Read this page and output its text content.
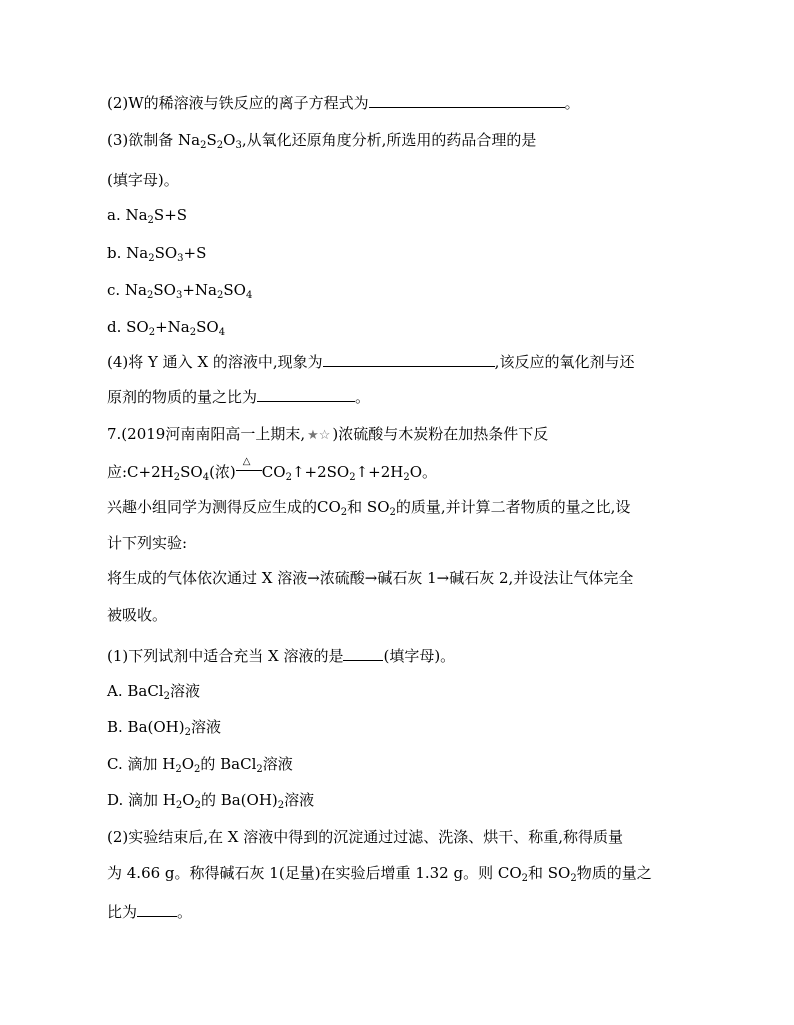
(2)W的稀溶液与铁反应的离子方程式为	。
(3)欲制备 $Na_2S_2O_3$,从氧化还原角度分析,所选用的药品合理的是
(填字母)。
a. $Na_2S+S$
b. $Na_2SO_3+S$
c. $Na_2SO_3+Na_2SO_4$
d. $SO_2+Na_2SO_4$
(4)将 Y 通入 X 的溶液中,现象为	,该反应的氧化剂与还
原剂的物质的量之比为	。
7.(2019河南南阳高一上期末, ★☆ )浓硫酸与木炭粉在加热条件下反
应$:C+2H_2SO_4$(浓)
△
$CO_2↑+2SO_2↑+2H_2O$。
兴趣小组同学为测得反应生成的$CO_2$和 $SO_2$的质量,并计算二者物质的量之比,设
计下列实验:
将生成的气体依次通过 X 溶液→浓硫酸→碱石灰 1→碱石灰 2,并设法让气体完全
被吸收。
(1)下列试剂中适合充当 X 溶液的是	(填字母)。
A. BaCl$_2$溶液
B. $Ba(OH)_2$溶液
C. 滴加 $H_2O_2$的 BaCl$_2$溶液
D. 滴加 $H_2O_2$的 $Ba(OH)_2$溶液
(2)实验结束后,在 X 溶液中得到的沉淀通过过滤、洗涤、烘干、称重,称得质量
为 4.66 g。称得碱石灰 1(足量)在实验后增重 1.32 g。则 $CO_2$和 $SO_2$物质的量之
比为	。
